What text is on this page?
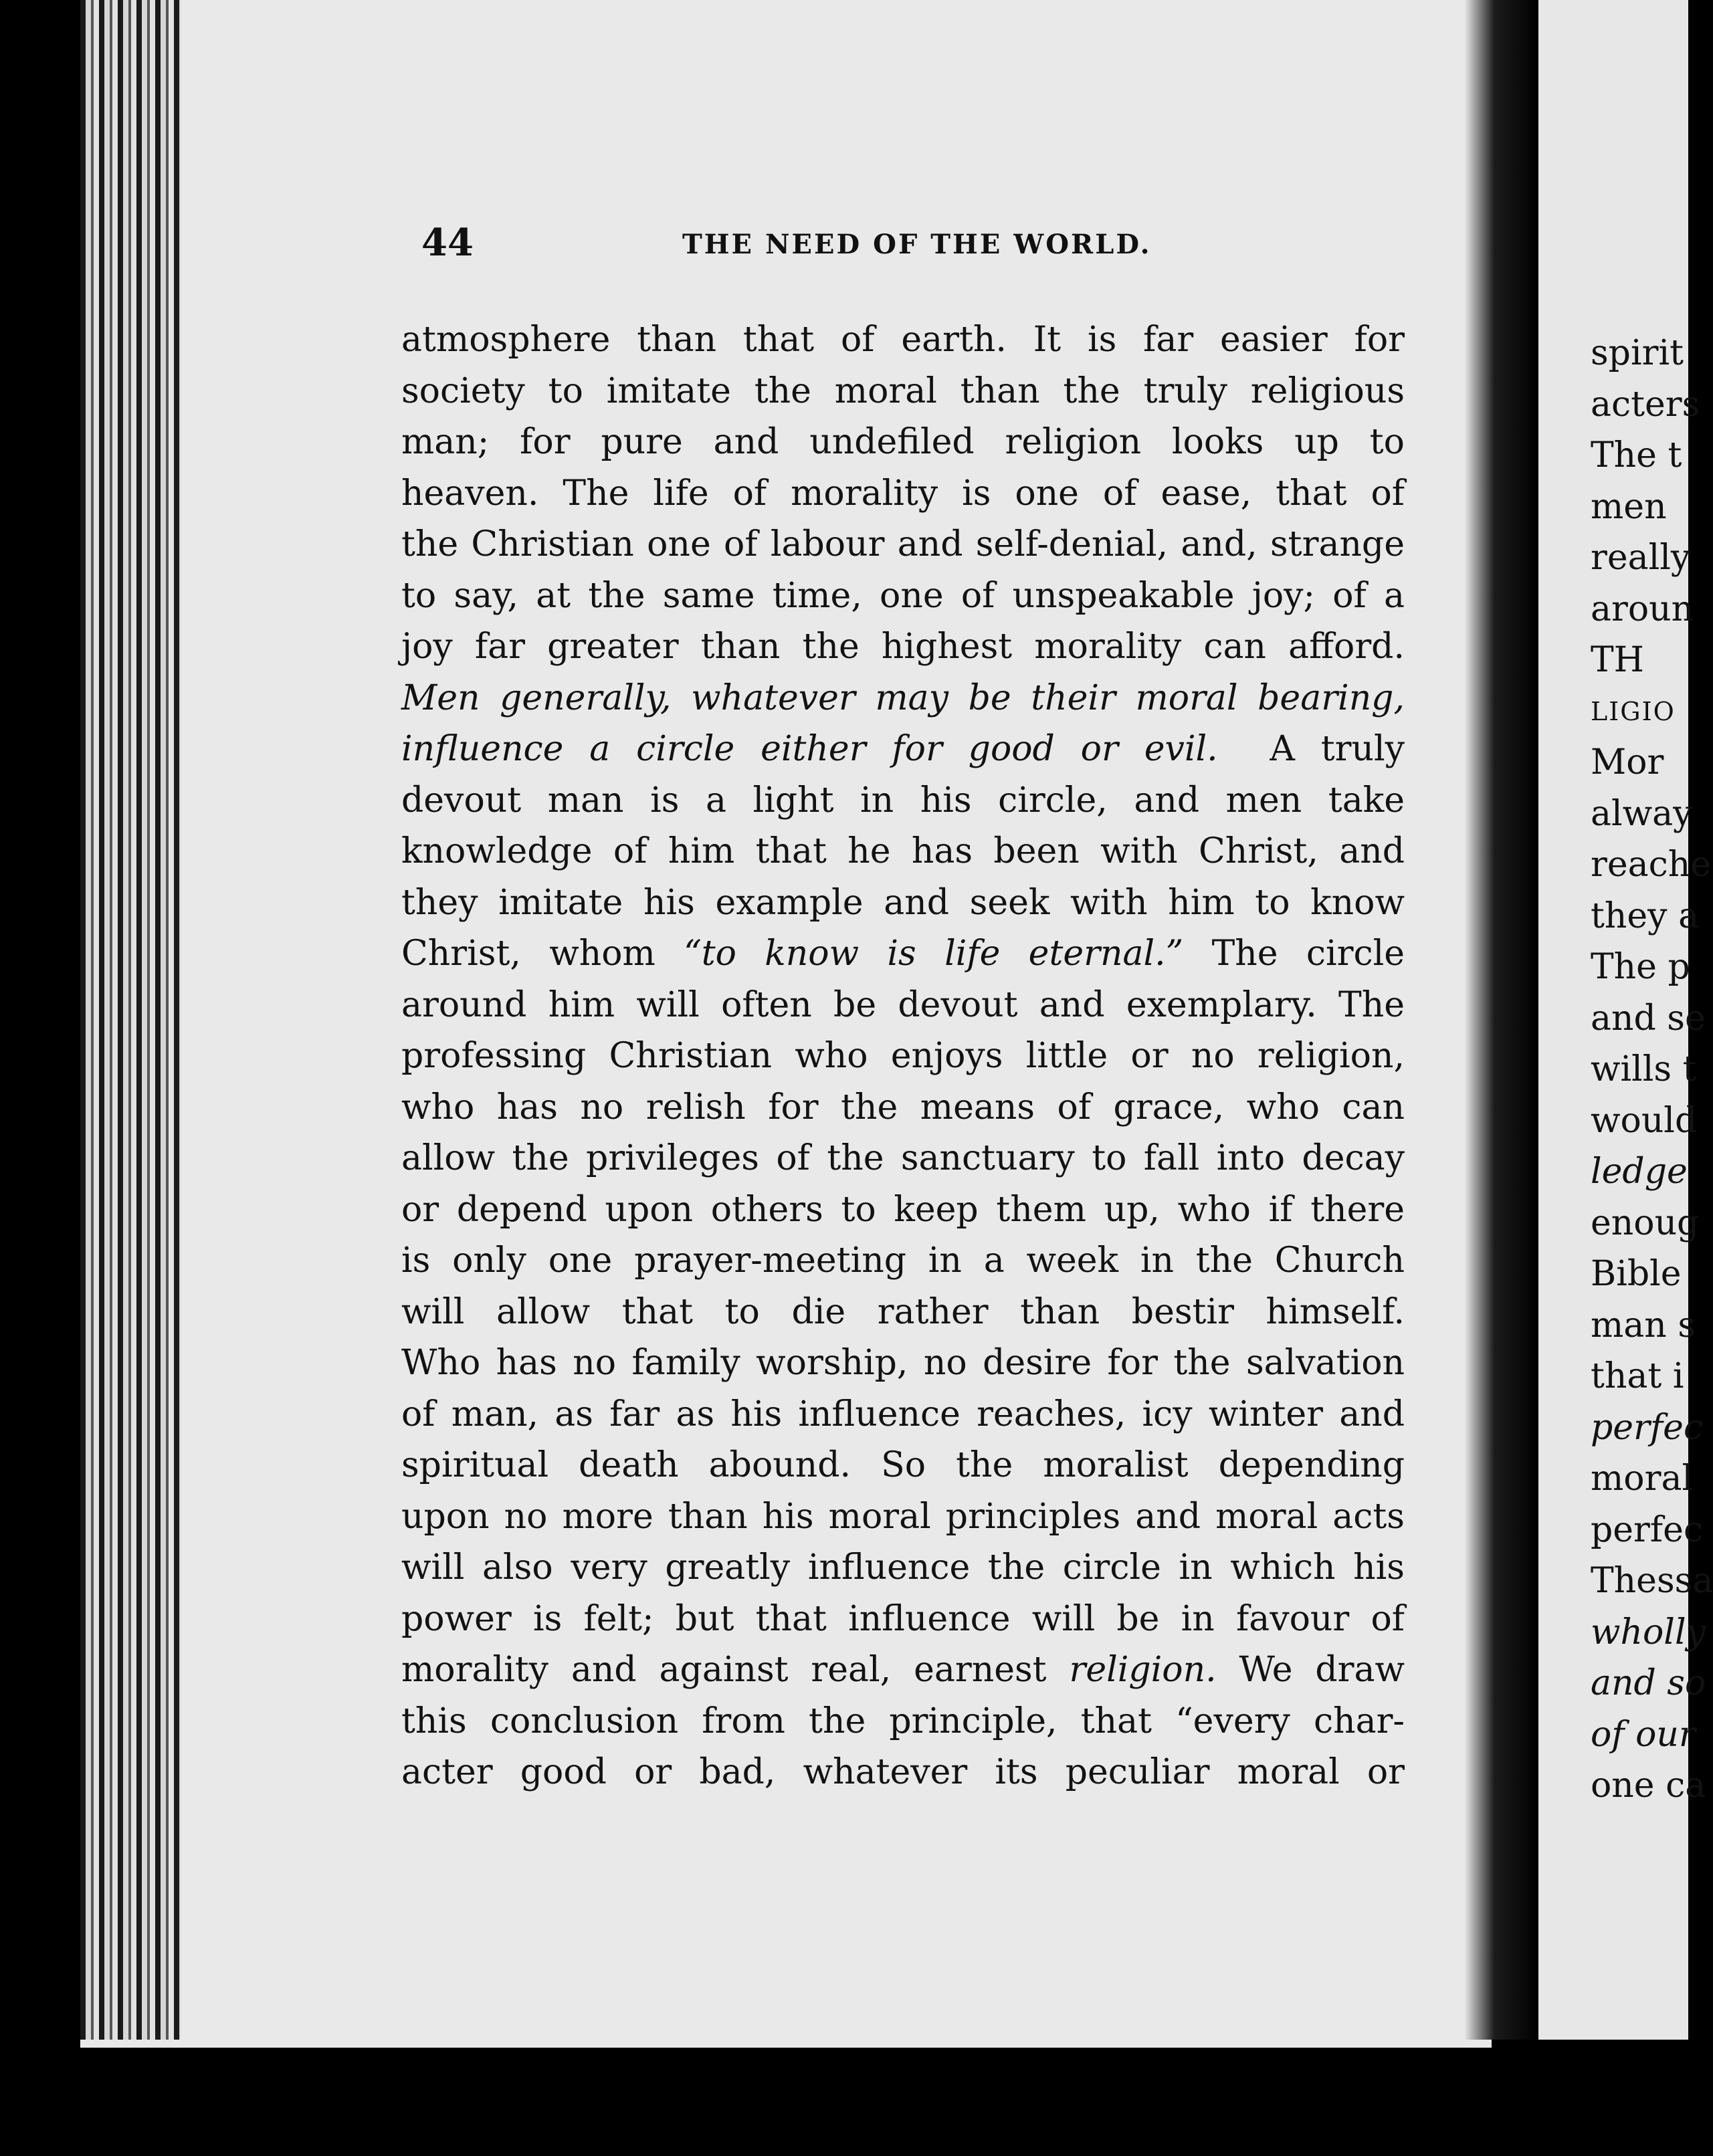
44	THE NEED OF THE WORLD.
atmosphere than that of earth. It is far easier for
society to imitate the moral than the truly religious
man; for pure and undefiled religion looks up to
heaven. The life of morality is one of ease, that of
the Christian one of labour and self-denial, and, strange
to say, at the same time, one of unspeakable joy; of a
joy far greater than the highest morality can afford.
Men generally, whatever may be their moral bearing,
influence a circle either for good or evil. A truly
devout man is a light in his circle, and men take
knowledge of him that he has been with Christ, and
they imitate his example and seek with him to know
Christ, whom “to know is life eternal.” The circle
around him will often be devout and exemplary. The
professing Christian who enjoys little or no religion,
who has no relish for the means of grace, who can
allow the privileges of the sanctuary to fall into decay
or depend upon others to keep them up, who if there
is only one prayer-meeting in a week in the Church
will allow that to die rather than bestir himself.
Who has no family worship, no desire for the salvation
of man, as far as his influence reaches, icy winter and
spiritual death abound. So the moralist depending
upon no more than his moral principles and moral acts
will also very greatly influence the circle in which his
power is felt; but that influence will be in favour of
morality and against real, earnest religion. We draw
this conclusion from the principle, that “every char-
acter good or bad, whatever its peculiar moral or
spirit
acters
The t
men
really
aroun
TH
LIGIO
Mor
alway
reache
they a
The p
and se
wills t
would
ledge
enoug
Bible
man s
that i
perfec
moral
perfec
Thessa
wholly
and so
of our
one ca
